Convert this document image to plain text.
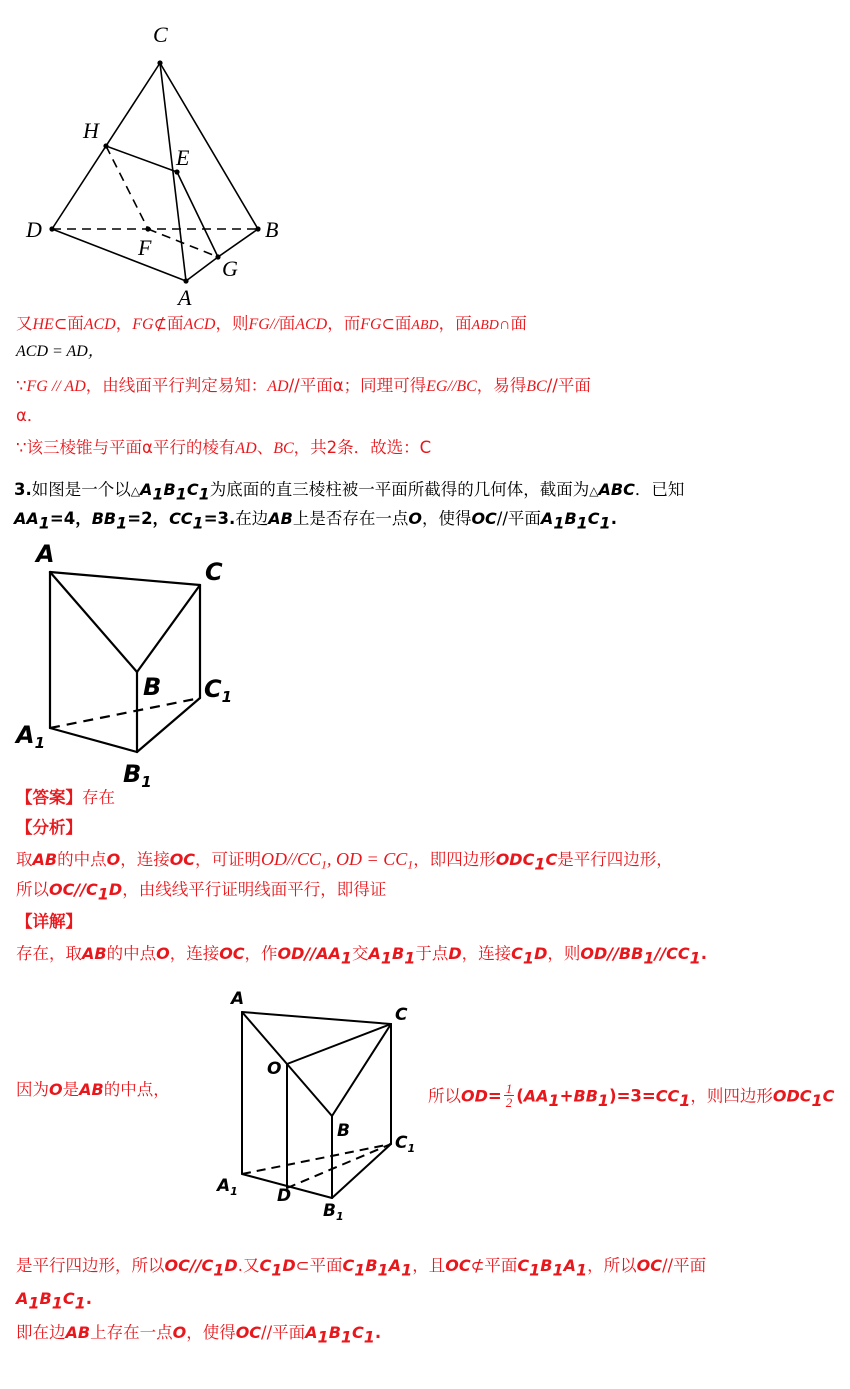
C
H
E
D	B
F
G
A
又HE⊂面ACD，FG⊄面ACD，则FG//面ACD，而FG⊂面ABD，面ABD∩面
ACD = AD，
∵FG // AD，由线面平行判定易知：AD//平面α；同理可得EG//BC，易得BC//平面
α．
∵该三棱锥与平面α平行的棱有AD、BC，共2条．故选：C
3.如图是一个以$\triangle A_1B_1C_1$为底面的直三棱柱被一平面所截得的几何体，截面为△ABC．已知
$AA_1=4$，$BB_1=2$，$CC_1=3$.在边AB上是否存在一点O，使得OC//平面$A_1B_1C_1$.
A
C
B $C_1$
$A_1$
$B_1$
【答案】存在
【分析】
取AB的中点O，连接OC，可证明$OD//CC_1$, OD = $CC_1$，即四边形$ODC_1C$是平行四边形，
所以$OC//C_1D$，由线线平行证明线面平行，即得证
【详解】
存在，取AB的中点O，连接OC，作$OD//AA_1$交$A_1B_1$于点D，连接$C_1D$，则$OD//BB_1//CC_1$.
A
C
O
B
$C_1$
$A_1$ D
$B_1$
因为O是AB的中点，	所以$OD= \frac{1}{2} (AA_1+BB_1)=3=CC_1$，则四边形$ODC_1C$
是平行四边形，所以$OC//C_1D$.又$C_1D\subset$平面$C_1B_1A_1$，且OC⊄平面$C_1B_1A_1$，所以OC//平面
$A_1B_1C_1$.
即在边AB上存在一点O，使得OC//平面$A_1B_1C_1$.
